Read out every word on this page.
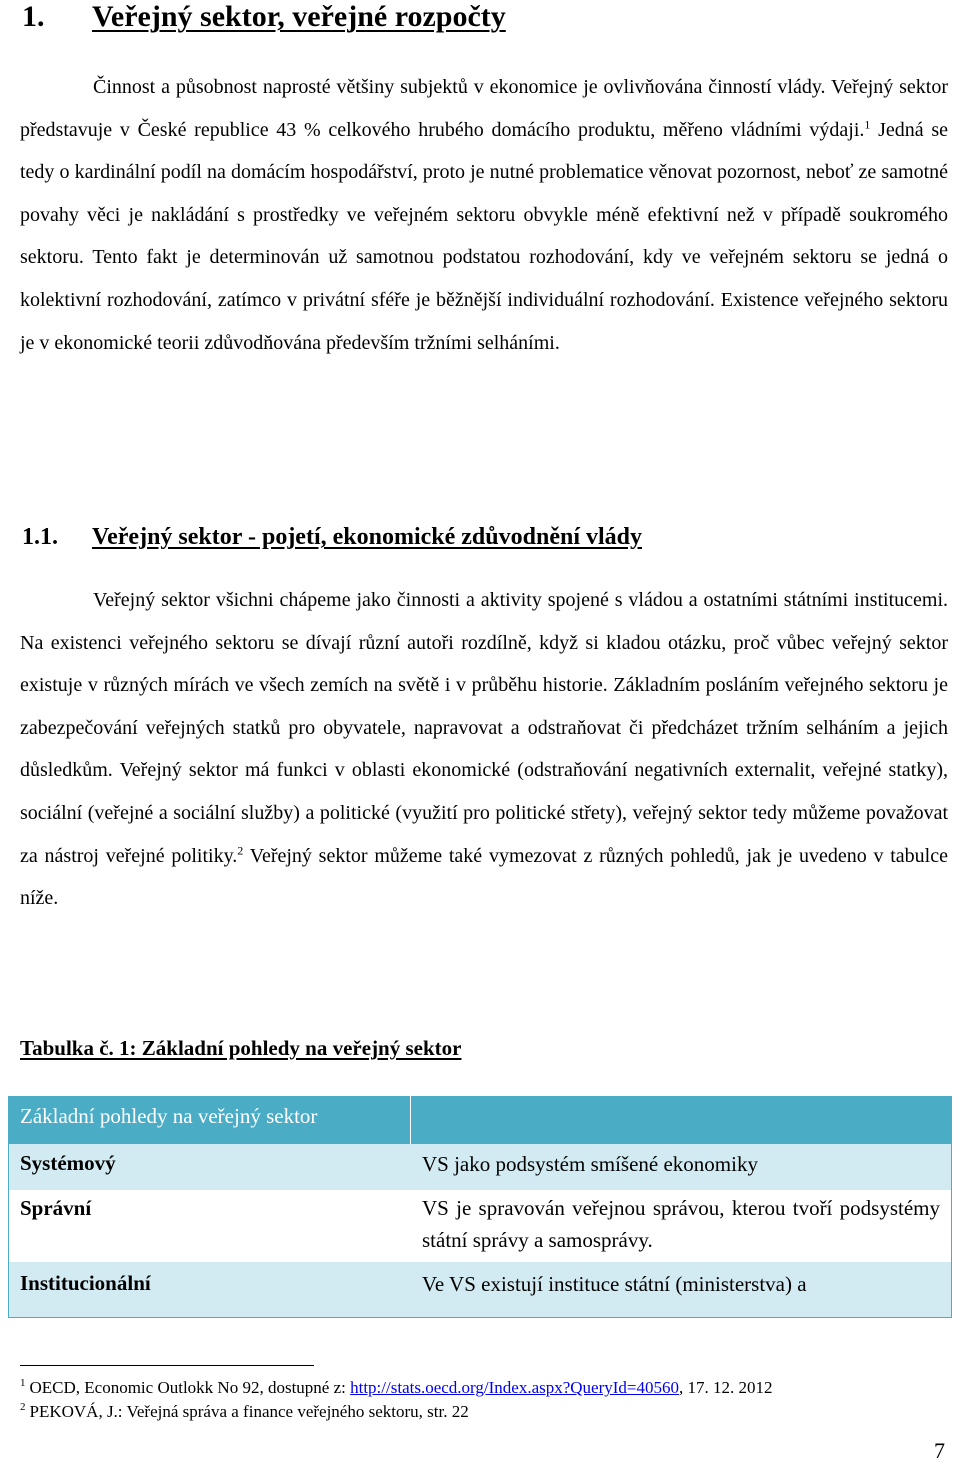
1. Veřejný sektor, veřejné rozpočty
Činnost a působnost naprosté většiny subjektů v ekonomice je ovlivňována činností vlády. Veřejný sektor představuje v České republice 43 % celkového hrubého domácího produktu, měřeno vládními výdaji.$^1$ Jedná se tedy o kardinální podíl na domácím hospodářství, proto je nutné problematice věnovat pozornost, neboť ze samotné povahy věci je nakládání s prostředky ve veřejném sektoru obvykle méně efektivní než v případě soukromého sektoru. Tento fakt je determinován už samotnou podstatou rozhodování, kdy ve veřejném sektoru se jedná o kolektivní rozhodování, zatímco v privátní sféře je běžnější individuální rozhodování. Existence veřejného sektoru je v ekonomické teorii zdůvodňována především tržními selháními.
1.1. Veřejný sektor - pojetí, ekonomické zdůvodnění vlády
Veřejný sektor všichni chápeme jako činnosti a aktivity spojené s vládou a ostatními státními institucemi. Na existenci veřejného sektoru se dívají různí autoři rozdílně, když si kladou otázku, proč vůbec veřejný sektor existuje v různých mírách ve všech zemích na světě i v průběhu historie. Základním posláním veřejného sektoru je zabezpečování veřejných statků pro obyvatele, napravovat a odstraňovat či předcházet tržním selháním a jejich důsledkům. Veřejný sektor má funkci v oblasti ekonomické (odstraňování negativních externalit, veřejné statky), sociální (veřejné a sociální služby) a politické (využití pro politické střety), veřejný sektor tedy můžeme považovat za nástroj veřejné politiky.$^2$ Veřejný sektor můžeme také vymezovat z různých pohledů, jak je uvedeno v tabulce níže.
Tabulka č. 1: Základní pohledy na veřejný sektor
Základní pohledy na veřejný sektor
Systémový	VS jako podsystém smíšené ekonomiky
Správní	VS je spravován veřejnou správou, kterou tvoří podsystémy státní správy a samosprávy.
Institucionální	Ve VS existují instituce státní (ministerstva) a
$^1$ OECD, Economic Outlokk No 92, dostupné z: http://stats.oecd.org/Index.aspx?QueryId=40560, 17. 12. 2012
$^2$ PEKOVÁ, J.: Veřejná správa a finance veřejného sektoru, str. 22
7
